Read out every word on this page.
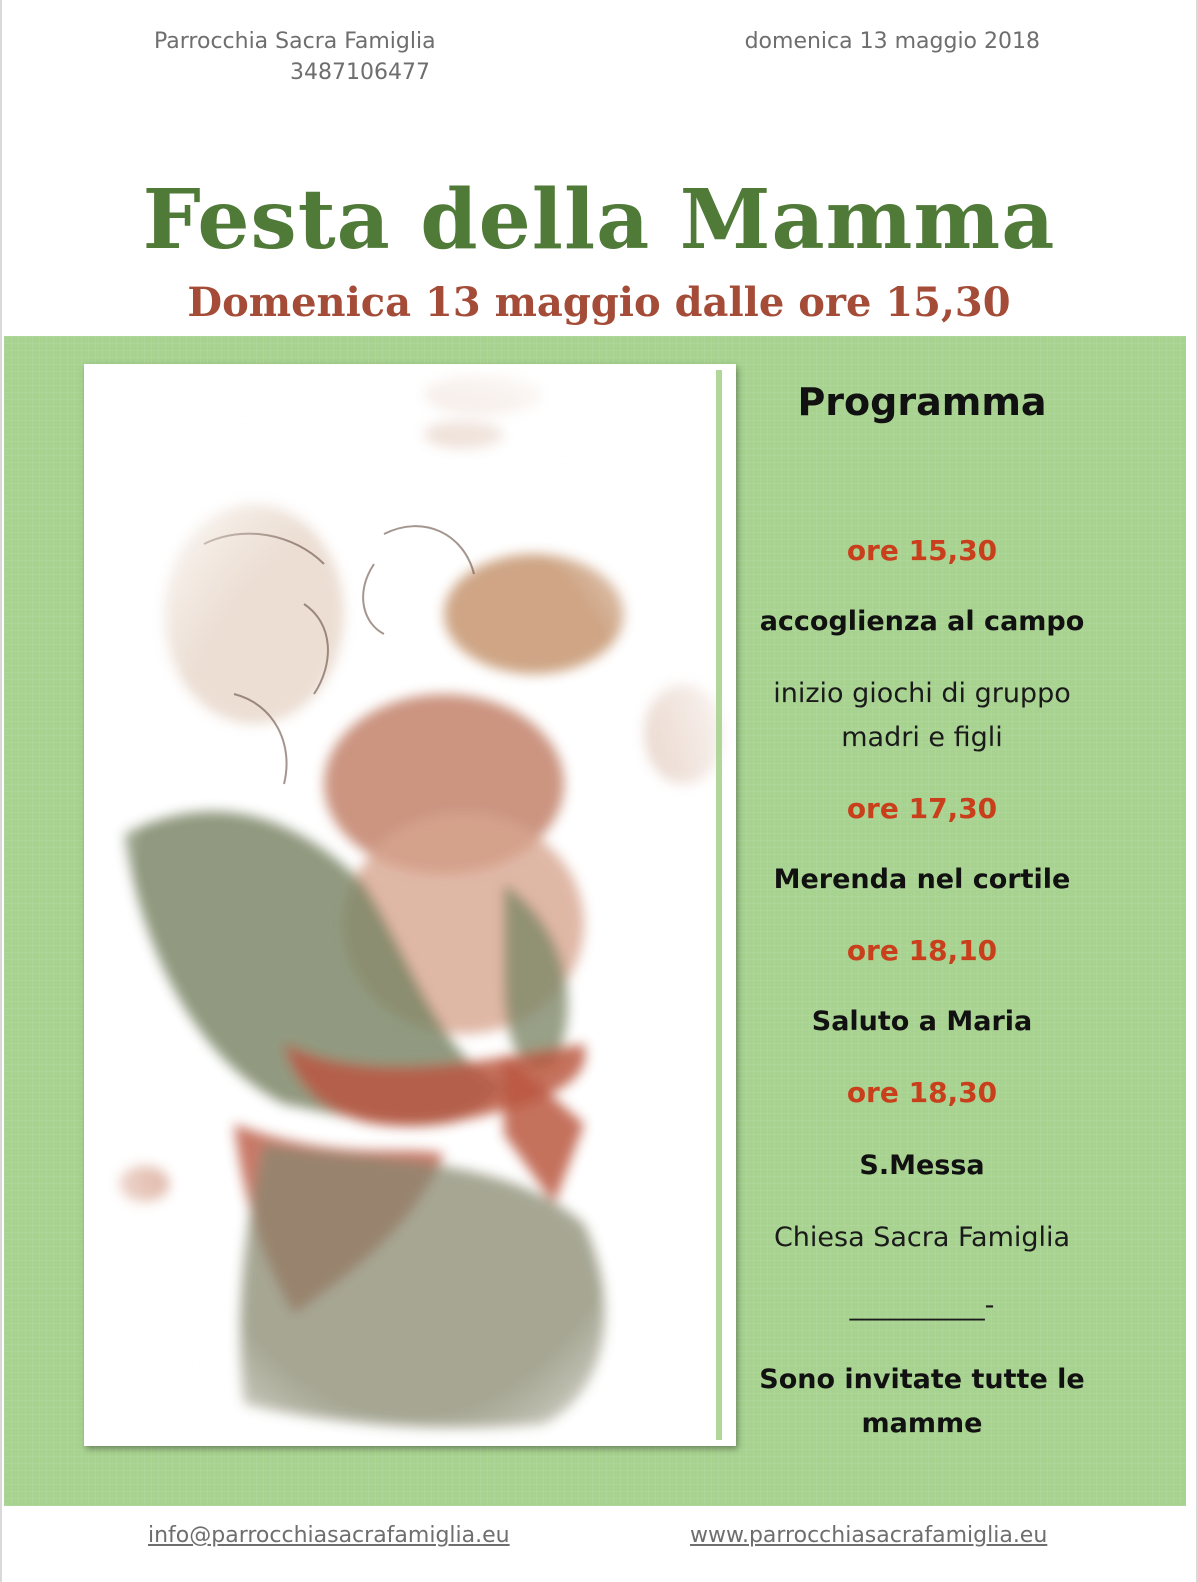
Parrocchia Sacra Famiglia
3487106477
domenica 13 maggio 2018
Festa della Mamma
Domenica 13 maggio dalle ore 15,30
Programma
ore 15,30
accoglienza al campo
inizio giochi di gruppo
madri e figli
ore 17,30
Merenda nel cortile
ore 18,10
Saluto a Maria
ore 18,30
S.Messa
Chiesa Sacra Famiglia
__________-
Sono invitate tutte le
mamme
info@parrocchiasacrafamiglia.eu	www.parrocchiasacrafamiglia.eu
